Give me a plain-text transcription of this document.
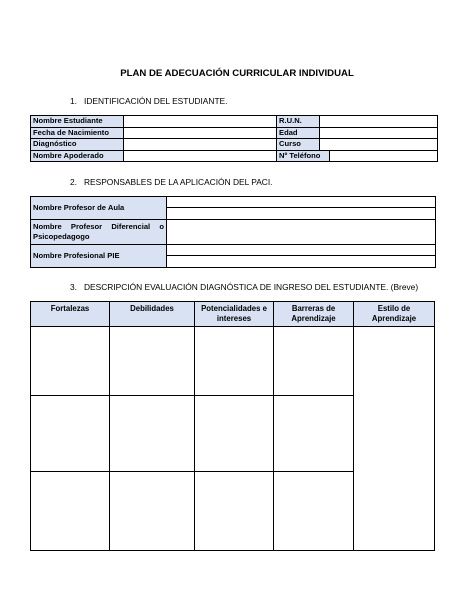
PLAN DE ADECUACIÓN CURRICULAR INDIVIDUAL
1. IDENTIFICACIÓN DEL ESTUDIANTE.
Nombre Estudiante		R.U.N.		
Fecha de Nacimiento		Edad		
Diagnóstico		Curso		
Nombre Apoderado		Nº Teléfono		
2. RESPONSABLES DE LA APLICACIÓN DEL PACI.
Nombre Profesor de Aula	

Nombre Profesor Diferencial o Psicopedagogo	
Nombre Profesional PIE	
3. DESCRIPCIÓN EVALUACIÓN DIAGNÓSTICA DE INGRESO DEL ESTUDIANTE. (Breve)
Fortalezas	Debilidades	Potencialidades e intereses	Barreras de Aprendizaje	Estilo de Aprendizaje
